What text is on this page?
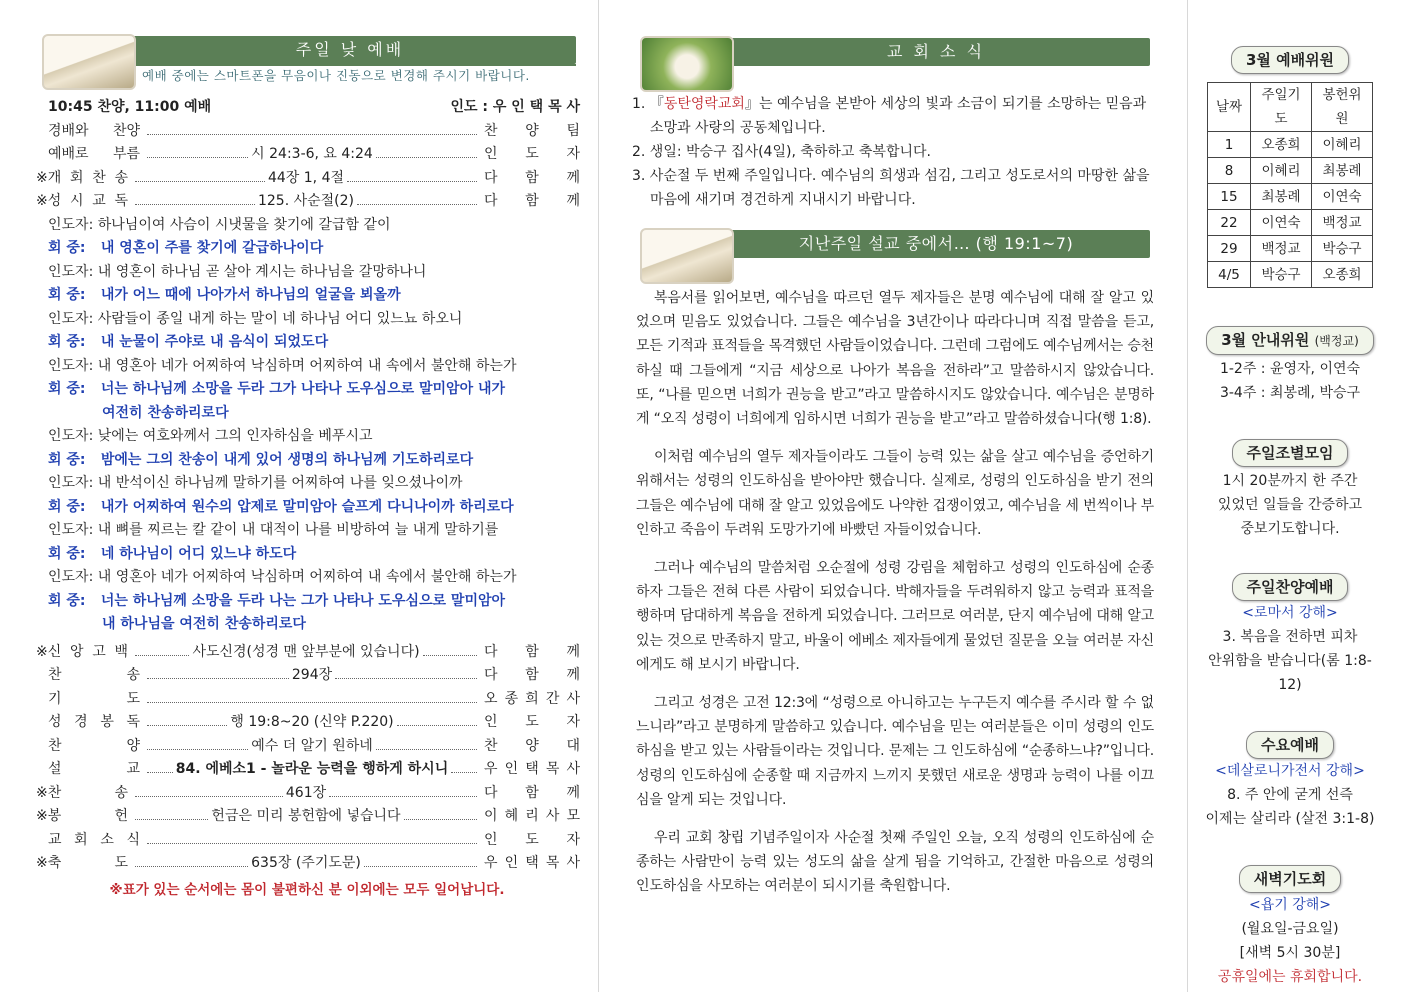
주일 낮 예배
예배 중에는 스마트폰을 무음이나 진동으로 변경해 주시기 바랍니다.
10:45 찬양, 11:00 예배	인도 : 우 인 택 목 사
경배와 찬양	찬 양 팀
예배로 부름	시 24:3-6, 요 4:24	인 도 자
※개 회 찬 송	44장 1, 4절	다 함 께
※성 시 교 독	125. 사순절(2)	다 함 께
인도자: 하나님이여 사슴이 시냇물을 찾기에 갈급함 같이
회 중: 내 영혼이 주를 찾기에 갈급하나이다
인도자: 내 영혼이 하나님 곧 살아 계시는 하나님을 갈망하나니
회 중: 내가 어느 때에 나아가서 하나님의 얼굴을 뵈올까
인도자: 사람들이 종일 내게 하는 말이 네 하나님 어디 있느뇨 하오니
회 중: 내 눈물이 주야로 내 음식이 되었도다
인도자: 내 영혼아 네가 어찌하여 낙심하며 어찌하여 내 속에서 불안해 하는가
회 중: 너는 하나님께 소망을 두라 그가 나타나 도우심으로 말미암아 내가
여전히 찬송하리로다
인도자: 낮에는 여호와께서 그의 인자하심을 베푸시고
회 중: 밤에는 그의 찬송이 내게 있어 생명의 하나님께 기도하리로다
인도자: 내 반석이신 하나님께 말하기를 어찌하여 나를 잊으셨나이까
회 중: 내가 어찌하여 원수의 압제로 말미암아 슬프게 다니나이까 하리로다
인도자: 내 뼈를 찌르는 칼 같이 내 대적이 나를 비방하여 늘 내게 말하기를
회 중: 네 하나님이 어디 있느냐 하도다
인도자: 내 영혼아 네가 어찌하여 낙심하며 어찌하여 내 속에서 불안해 하는가
회 중: 너는 하나님께 소망을 두라 나는 그가 나타나 도우심으로 말미암아
내 하나님을 여전히 찬송하리로다
※신 앙 고 백	사도신경(성경 맨 앞부분에 있습니다)	다 함 께
찬	송	294장	다 함 께
기	도	오 종 희 간 사
성 경 봉 독	행 19:8~20 (신약 P.220)	인 도 자
찬	양	예수 더 알기 원하네	찬 양 대
설	교	84. 에베소1 - 놀라운 능력을 행하게 하시니	우 인 택 목 사
※찬	송	461장	다 함 께
※봉	헌	헌금은 미리 봉헌함에 넣습니다	이 혜 리 사 모
교 회 소 식	인 도 자
※축	도	635장 (주기도문)	우 인 택 목 사
※표가 있는 순서에는 몸이 불편하신 분 이외에는 모두 일어납니다.
교 회 소 식
1. 『동탄영락교회』는 예수님을 본받아 세상의 빛과 소금이 되기를 소망하는 믿음과 소망과 사랑의 공동체입니다.
2. 생일: 박승구 집사(4일), 축하하고 축복합니다.
3. 사순절 두 번째 주일입니다. 예수님의 희생과 섬김, 그리고 성도로서의 마땅한 삶을 마음에 새기며 경건하게 지내시기 바랍니다.
지난주일 설교 중에서… (행 19:1~7)

복음서를 읽어보면, 예수님을 따르던 열두 제자들은 분명 예수님에 대해 잘 알고 있었으며 믿음도 있었습니다. 그들은 예수님을 3년간이나 따라다니며 직접 말씀을 듣고, 모든 기적과 표적들을 목격했던 사람들이었습니다. 그런데 그럼에도 예수님께서는 승천하실 때 그들에게 “지금 세상으로 나아가 복음을 전하라”고 말씀하시지 않았습니다. 또, “나를 믿으면 너희가 권능을 받고”라고 말씀하시지도 않았습니다. 예수님은 분명하게 “오직 성령이 너희에게 임하시면 너희가 권능을 받고”라고 말씀하셨습니다(행 1:8).

이처럼 예수님의 열두 제자들이라도 그들이 능력 있는 삶을 살고 예수님을 증언하기 위해서는 성령의 인도하심을 받아야만 했습니다. 실제로, 성령의 인도하심을 받기 전의 그들은 예수님에 대해 잘 알고 있었음에도 나약한 겁쟁이였고, 예수님을 세 번씩이나 부인하고 죽음이 두려워 도망가기에 바빴던 자들이었습니다.

그러나 예수님의 말씀처럼 오순절에 성령 강림을 체험하고 성령의 인도하심에 순종하자 그들은 전혀 다른 사람이 되었습니다. 박해자들을 두려워하지 않고 능력과 표적을 행하며 담대하게 복음을 전하게 되었습니다. 그러므로 여러분, 단지 예수님에 대해 알고 있는 것으로 만족하지 말고, 바울이 에베소 제자들에게 물었던 질문을 오늘 여러분 자신에게도 해 보시기 바랍니다.

그리고 성경은 고전 12:3에 “성령으로 아니하고는 누구든지 예수를 주시라 할 수 없느니라”라고 분명하게 말씀하고 있습니다. 예수님을 믿는 여러분들은 이미 성령의 인도하심을 받고 있는 사람들이라는 것입니다. 문제는 그 인도하심에 “순종하느냐?”입니다. 성령의 인도하심에 순종할 때 지금까지 느끼지 못했던 새로운 생명과 능력이 나를 이끄심을 알게 되는 것입니다.

우리 교회 창립 기념주일이자 사순절 첫째 주일인 오늘, 오직 성령의 인도하심에 순종하는 사람만이 능력 있는 성도의 삶을 살게 됨을 기억하고, 간절한 마음으로 성령의 인도하심을 사모하는 여러분이 되시기를 축원합니다.

3월 예배위원
날짜	주일기도	봉헌위원
1	오종희	이혜리
8	이혜리	최봉례
15	최봉례	이연숙
22	이연숙	백정교
29	백정교	박승구
4/5	박승구	오종희
3월 안내위원 (백정교)
1-2주 : 윤영자, 이연숙
3-4주 : 최봉례, 박승구
주일조별모임
1시 20분까지 한 주간
있었던 일들을 간증하고
중보기도합니다.
주일찬양예배
<로마서 강해>
3. 복음을 전하면 피차
안위함을 받습니다(롬 1:8-12)
수요예배
<데살로니가전서 강해>
8. 주 안에 굳게 선즉
이제는 살리라 (살전 3:1-8)
새벽기도회
<욥기 강해>
(월요일-금요일)
[새벽 5시 30분]
공휴일에는 휴회합니다.
